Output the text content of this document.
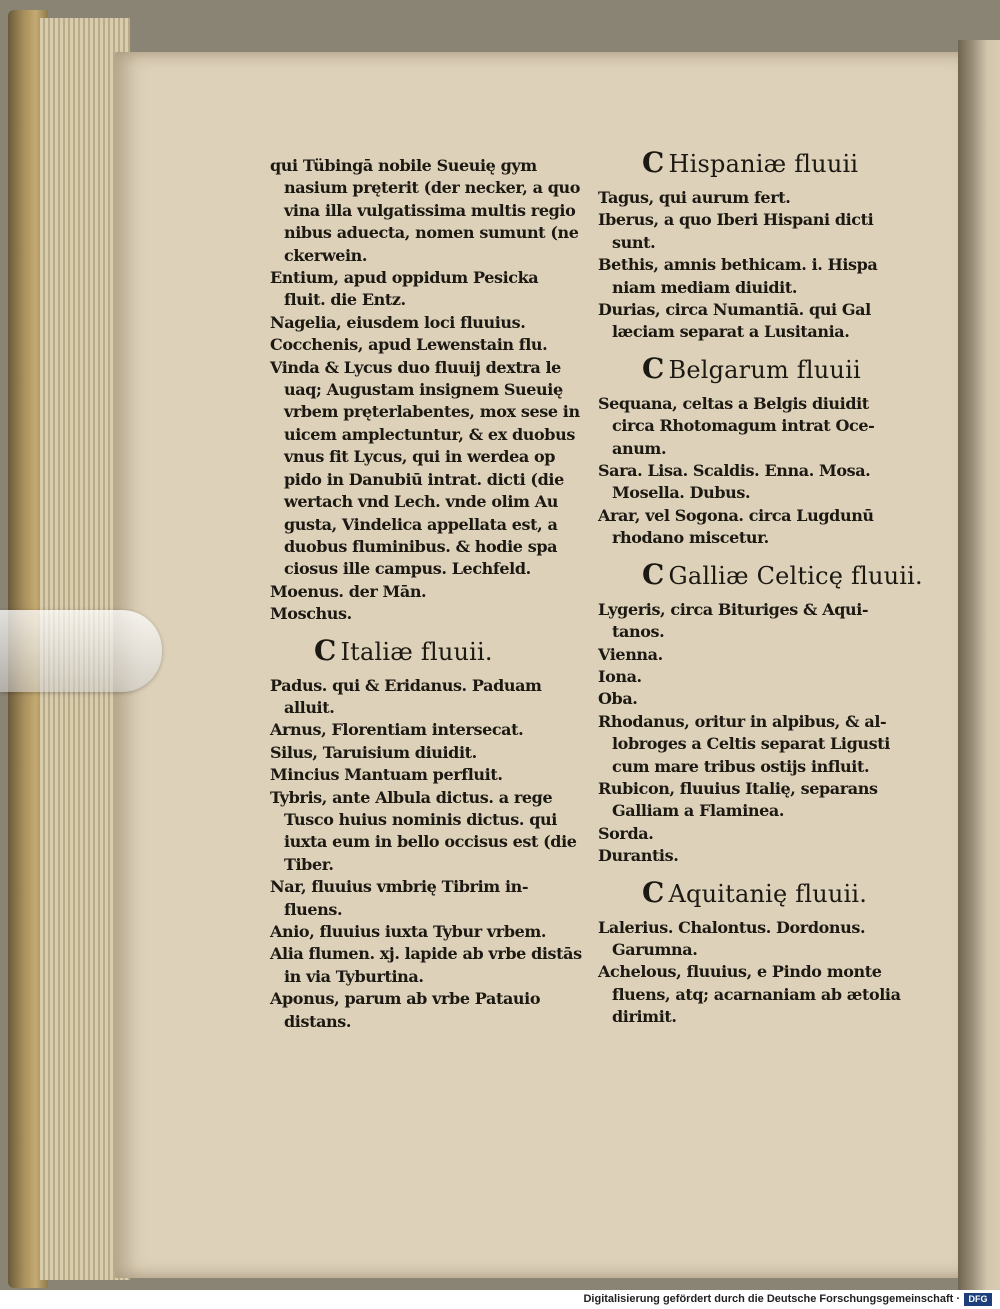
qui Tübingā nobile Sueuię gym
nasium pręterit (der necker, a quo
vina illa vulgatissima multis regio
nibus aduecta, nomen sumunt (ne
ckerwein.
Entium, apud oppidum Pesicka
fluit. die Entz.
Nagelia, eiusdem loci fluuius.
Cocchenis, apud Lewenstain flu.
Vinda & Lycus duo fluuij dextra le
uaq; Augustam insignem Sueuię
vrbem pręterlabentes, mox sese in
uicem amplectuntur, & ex duobus
vnus fit Lycus, qui in werdea op
pido in Danubiū intrat. dicti (die
wertach vnd Lech. vnde olim Au
gusta, Vindelica appellata est, a
duobus fluminibus. & hodie spa
ciosus ille campus. Lechfeld.
Moenus. der Mān.
Moschus.
C Italiæ fluuii.
Padus. qui & Eridanus. Paduam
alluit.
Arnus, Florentiam intersecat.
Silus, Taruisium diuidit.
Mincius Mantuam perfluit.
Tybris, ante Albula dictus. a rege
Tusco huius nominis dictus. qui
iuxta eum in bello occisus est (die
Tiber.
Nar, fluuius vmbrię Tibrim in-
fluens.
Anio, fluuius iuxta Tybur vrbem.
Alia flumen. xj. lapide ab vrbe distās
in via Tyburtina.
Aponus, parum ab vrbe Patauio
distans.
C Hispaniæ fluuii
Tagus, qui aurum fert.
Iberus, a quo Iberi Hispani dicti
sunt.
Bethis, amnis bethicam. i. Hispa
niam mediam diuidit.
Durias, circa Numantiā. qui Gal
læciam separat a Lusitania.
C Belgarum fluuii
Sequana, celtas a Belgis diuidit
circa Rhotomagum intrat Oce-
anum.
Sara. Lisa. Scaldis. Enna. Mosa.
Mosella. Dubus.
Arar, vel Sogona. circa Lugdunū
rhodano miscetur.
C Galliæ Celticę fluuii.
Lygeris, circa Bituriges & Aqui-
tanos.
Vienna.
Iona.
Oba.
Rhodanus, oritur in alpibus, & al-
lobroges a Celtis separat Ligusti
cum mare tribus ostijs influit.
Rubicon, fluuius Italię, separans
Galliam a Flaminea.
Sorda.
Durantis.
C Aquitanię fluuii.
Lalerius. Chalontus. Dordonus.
Garumna.
Achelous, fluuius, e Pindo monte
fluens, atq; acarnaniam ab ætolia
dirimit.
Digitalisierung gefördert durch die Deutsche Forschungsgemeinschaft · DFG
